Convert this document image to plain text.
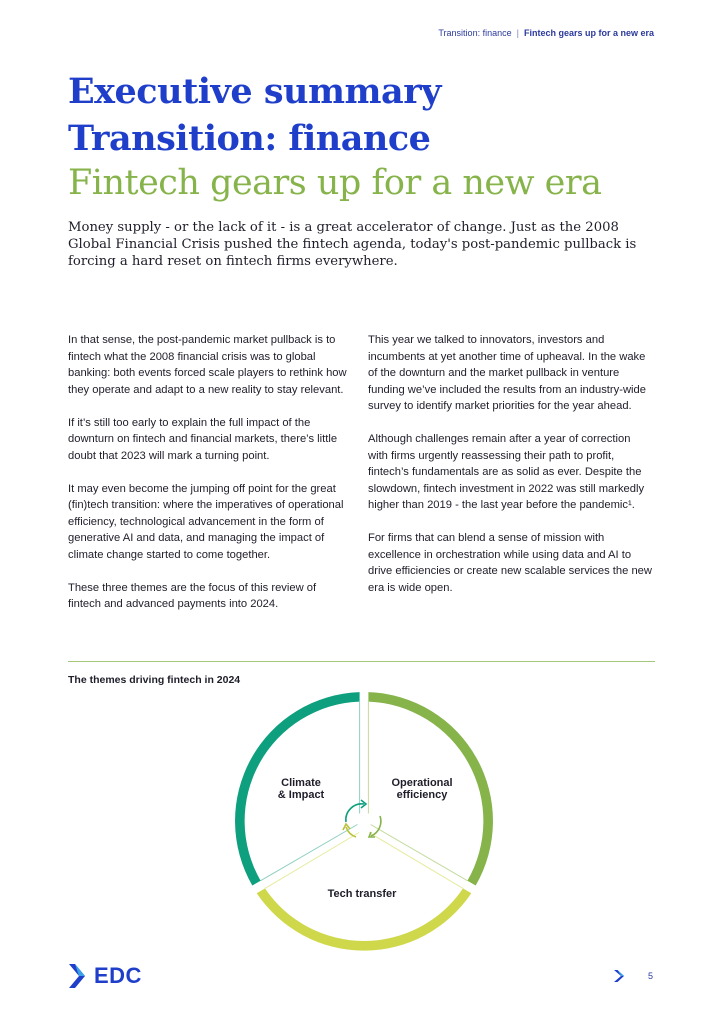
Transition: finance | Fintech gears up for a new era
Executive summary
Transition: finance
Fintech gears up for a new era
Money supply - or the lack of it - is a great accelerator of change. Just as the 2008 Global Financial Crisis pushed the fintech agenda, today's post-pandemic pullback is forcing a hard reset on fintech firms everywhere.

In that sense, the post-pandemic market pullback is to fintech what the 2008 financial crisis was to global banking: both events forced scale players to rethink how they operate and adapt to a new reality to stay relevant.

If it’s still too early to explain the full impact of the downturn on fintech and financial markets, there’s little doubt that 2023 will mark a turning point.

It may even become the jumping off point for the great (fin)tech transition: where the imperatives of operational efficiency, technological advancement in the form of generative AI and data, and managing the impact of climate change started to come together.

These three themes are the focus of this review of fintech and advanced payments into 2024.

This year we talked to innovators, investors and incumbents at yet another time of upheaval. In the wake of the downturn and the market pullback in venture funding we’ve included the results from an industry-wide survey to identify market priorities for the year ahead.

Although challenges remain after a year of correction with firms urgently reassessing their path to profit, fintech’s fundamentals are as solid as ever. Despite the slowdown, fintech investment in 2022 was still markedly higher than 2019 - the last year before the pandemic¹.

For firms that can blend a sense of mission with excellence in orchestration while using data and AI to drive efficiencies or create new scalable services the new era is wide open.

The themes driving fintech in 2024
Climate
& Impact
Operational
efficiency
Tech transfer
EDC	5
